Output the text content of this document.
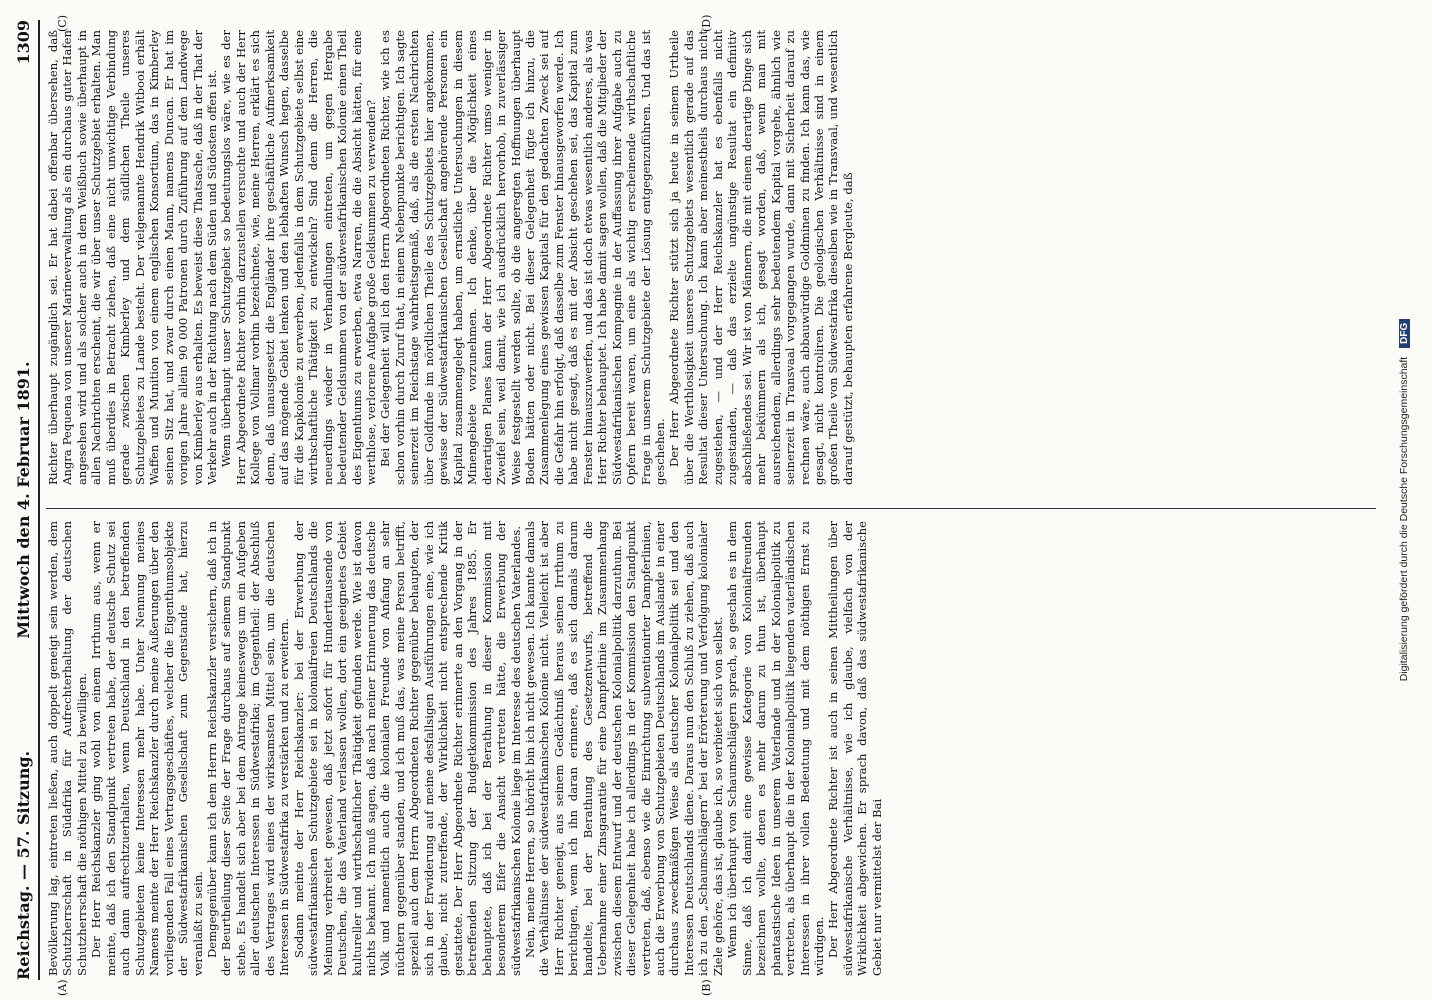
Reichstag. — 57. Sitzung.
Mittwoch den 4. Februar 1891.
1309
(A)	(B)
(C)	(D)

Bevölkerung lag, eintreten ließen, auch doppelt geneigt sein werden, dem Schutzherrschaft in Südafrika für Aufrechterhaltung der deutschen Schutzherrschaft die nöthigen Mittel zu bewilligen. Der Herr Reichskanzler ging wohl von einem Irrthum aus, wenn er meinte, daß ich den Standpunkt vertreten habe, der deutsche Schutz sei auch dann aufrechtzuerhalten, wenn Deutschland in den betreffenden Schutzgebieten keine Interessen mehr habe. Unter Nennung meines Namens meinte der Herr Reichskanzler durch meine Äußerungen über den vorliegenden Fall eines Vertragsgeschäftes, welcher die Eigenthumsobjekte der Südwestafrikanischen Gesellschaft zum Gegenstande hat, hierzu veranlaßt zu sein. Demgegenüber kann ich dem Herrn Reichskanzler versichern, daß ich in der Beurtheilung dieser Seite der Frage durchaus auf seinem Standpunkt stehe. Es handelt sich aber bei dem Antrage keineswegs um ein Aufgeben aller deutschen Interessen in Südwestafrika; im Gegentheil: der Abschluß des Vertrages wird eines der wirksamsten Mittel sein, um die deutschen Interessen in Südwestafrika zu verstärken und zu erweitern. Sodann meinte der Herr Reichskanzler: bei der Erwerbung der südwestafrikanischen Schutzgebiete sei in kolonialfreien Deutschlands die Meinung verbreitet gewesen, daß jetzt sofort für Hunderttausende von Deutschen, die das Vaterland verlassen wollen, dort ein geeignetes Gebiet kultureller und wirthschaftlicher Thätigkeit gefunden werde. Wie ist davon nichts bekannt. Ich muß sagen, daß nach meiner Erinnerung das deutsche Volk und namentlich auch die kolonialen Freunde von Anfang an sehr nüchtern gegenüber standen, und ich muß das, was meine Person betrifft, speziell auch dem Herrn Abgeordneten Richter gegenüber behaupten, der sich in der Erwiderung auf meine desfallsigen Ausführungen eine, wie ich glaube, nicht zutreffende, der Wirklichkeit nicht entsprechende Kritik gestattete. Der Herr Abgeordnete Richter erinnerte an den Vorgang in der betreffenden Sitzung der Budgetkommission des Jahres 1885. Er behauptete, daß ich bei der Berathung in dieser Kommission mit besonderem Eifer die Ansicht vertreten hätte, die Erwerbung der südwestafrikanischen Kolonie liege im Interesse des deutschen Vaterlandes. Nein, meine Herren, so thöricht bin ich nicht gewesen. Ich kannte damals die Verhältnisse der südwestafrikanischen Kolonie nicht. Vielleicht ist aber Herr Richter geneigt, aus seinem Gedächtniß heraus seinen Irrthum zu berichtigen, wenn ich ihn daran erinnere, daß es sich damals darum handelte, bei der Berathung des Gesetzentwurfs, betreffend die Uebernahme einer Zinsgarantie für eine Dampferlinie im Zusammenhang zwischen diesem Entwurf und der deutschen Kolonialpolitik darzuthun. Bei dieser Gelegenheit habe ich allerdings in der Kommission den Standpunkt vertreten, daß, ebenso wie die Einrichtung subventionirter Dampferlinien, auch die Erwerbung von Schutzgebieten Deutschlands im Auslande in einer durchaus zweckmäßigen Weise als deutscher Kolonialpolitik sei und den Interessen Deutschlands diene. Daraus nun den Schluß zu ziehen, daß auch ich zu den „Schaumschlägern“ bei der Erörterung und Verfolgung kolonialer Ziele gehöre, das ist, glaube ich, so verbietet sich von selbst. Wenn ich überhaupt von Schaumschlägern sprach, so geschah es in dem Sinne, daß ich damit eine gewisse Kategorie von Kolonialfreunden bezeichnen wollte, denen es mehr darum zu thun ist, überhaupt phantastische Ideen in unserem Vaterlande und in der Kolonialpolitik zu vertreten, als überhaupt die in der Kolonialpolitik liegenden vaterländischen Interessen in ihrer vollen Bedeutung und mit dem nöthigen Ernst zu würdigen. Der Herr Abgeordnete Richter ist auch in seinen Mittheilungen über südwestafrikanische Verhältnisse, wie ich glaube, vielfach von der Wirklichkeit abgewichen. Er sprach davon, daß das südwestafrikanische Gebiet nur vermittelst der Bai

Richter überhaupt zugänglich sei. Er hat dabei offenbar übersehen, daß Angra Pequena von unserer Marineverwaltung als ein durchaus guter Hafen angesehen wird und als solcher auch in dem Weißbuch sowie überhaupt in allen Nachrichten erscheint, die wir über unser Schutzgebiet erhalten. Man muß überdies in Betracht ziehen, daß eine nicht unwichtige Verbindung gerade zwischen Kimberley und dem südlichen Theile unseres Schutzgebietes zu Lande besteht. Der vielgenannte Hendrik Witbooi erhält Waffen und Munition von einem englischen Konsortium, das in Kimberley seinen Sitz hat, und zwar durch einen Mann, namens Duncan. Er hat im vorigen Jahre allein 90 000 Patronen durch Zuführung auf dem Landwege von Kimberley aus erhalten. Es beweist diese Thatsache, daß in der That der Verkehr auch in der Richtung nach dem Süden und Südosten offen ist. Wenn überhaupt unser Schutzgebiet so bedeutungslos wäre, wie es der Herr Abgeordnete Richter vorhin darzustellen versuchte und auch der Herr Kollege von Vollmar vorhin bezeichnete, wie, meine Herren, erklärt es sich denn, daß unausgesetzt die Engländer ihre geschäftliche Aufmerksamkeit auf das mögende Gebiet lenken und den lebhaften Wunsch hegen, dasselbe für die Kapkolonie zu erwerben, jedenfalls in dem Schutzgebiete selbst eine wirthschaftliche Thätigkeit zu entwickeln? Sind denn die Herren, die neuerdings wieder in Verhandlungen eintreten, um gegen Hergabe bedeutender Geldsummen von der südwestafrikanischen Kolonie einen Theil des Eigenthums zu erwerben, etwa Narren, die die Absicht hätten, für eine werthlose, verlorene Aufgabe große Geldsummen zu verwenden? Bei der Gelegenheit will ich den Herrn Abgeordneten Richter, wie ich es schon vorhin durch Zuruf that, in einem Nebenpunkte berichtigen. Ich sagte seinerzeit im Reichstage wahrheitsgemäß, daß, als die ersten Nachrichten über Goldfunde im nördlichen Theile des Schutzgebiets hier angekommen, gewisse der Südwestafrikanischen Gesellschaft angehörende Personen ein Kapital zusammengelegt haben, um ernstliche Untersuchungen in diesem Minengebiete vorzunehmen. Ich denke, über die Möglichkeit eines derartigen Planes kann der Herr Abgeordnete Richter umso weniger in Zweifel sein, weil damit, wie ich ausdrücklich hervorhob, in zuverlässiger Weise festgestellt werden sollte, ob die angeregten Hoffnungen überhaupt Boden hätten oder nicht. Bei dieser Gelegenheit fügte ich hinzu, die Zusammenlegung eines gewissen Kapitals für den gedachten Zweck sei auf die Gefahr hin erfolgt, daß dasselbe zum Fenster hinausgeworfen werde. Ich habe nicht gesagt, daß es mit der Absicht geschehen sei, das Kapital zum Fenster hinauszuwerfen, und das ist doch etwas wesentlich anderes, als was Herr Richter behauptet. Ich habe damit sagen wollen, daß die Mitglieder der Südwestafrikanischen Kompagnie in der Auffassung ihrer Aufgabe auch zu Opfern bereit waren, um eine als wichtig erscheinende wirthschaftliche Frage in unserem Schutzgebiete der Lösung entgegenzuführen. Und das ist geschehen. Der Herr Abgeordnete Richter stützt sich ja heute in seinem Urtheile über die Werthlosigkeit unseres Schutzgebiets wesentlich gerade auf das Resultat dieser Untersuchung. Ich kann aber meinestheils durchaus nicht zugestehen, — und der Herr Reichskanzler hat es ebenfalls nicht zugestanden, — daß das erzielte ungünstige Resultat ein definitiv abschließendes sei. Wir ist von Männern, die mit einem derartige Dinge sich mehr bekümmern als ich, gesagt worden, daß, wenn man mit ausreichendem, allerdings sehr bedeutendem Kapital vorgehe, ähnlich wie seinerzeit in Transvaal vorgegangen wurde, dann mit Sicherheit darauf zu rechnen wäre, auch abbauwürdige Goldminen zu finden. Ich kann das, wie gesagt, nicht kontroliren. Die geologischen Verhältnisse sind in einem großen Theile von Südwestafrika dieselben wie in Transvaal, und wesentlich darauf gestützt, behaupten erfahrene Bergleute, daß

Digitalisierung gefördert durch die Deutsche Forschungsgemeinschaft DFG
